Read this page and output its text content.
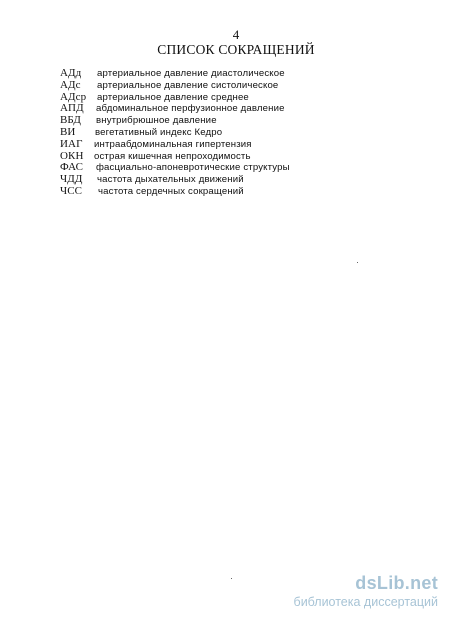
4
СПИСОК СОКРАЩЕНИЙ
АДд артериальное давление диастолическое
АДс артериальное давление систолическое
АДср артериальное давление среднее
АПД абдоминальное перфузионное давление
ВБД внутрибрюшное давление
ВИ вегетативный индекс Кедро
ИАГ интраабдоминальная гипертензия
ОКН острая кишечная непроходимость
ФАС фасциально-апоневротические структуры
ЧДД частота дыхательных движений
ЧСС частота сердечных сокращений
dsLib.net
библиотека диссертаций
